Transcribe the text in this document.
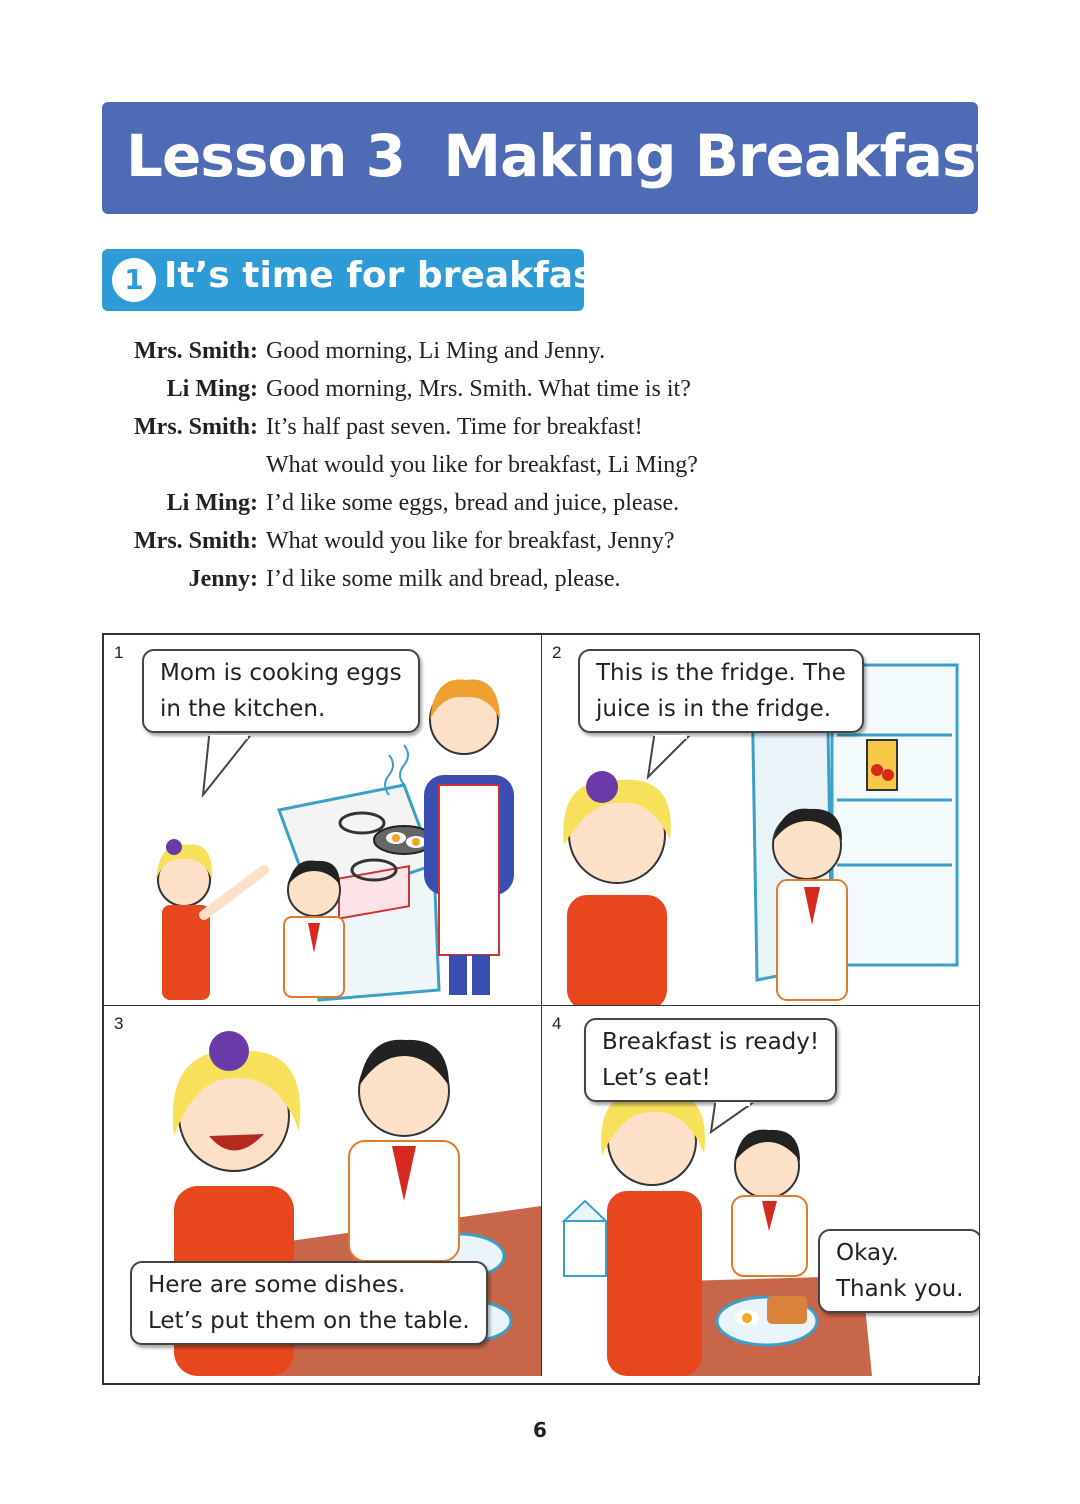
Lesson 3  Making Breakfast
1 It’s time for breakfast!
Mrs. Smith: Good morning, Li Ming and Jenny.
Li Ming: Good morning, Mrs. Smith. What time is it?
Mrs. Smith: It’s half past seven. Time for breakfast!
What would you like for breakfast, Li Ming?
Li Ming: I’d like some eggs, bread and juice, please.
Mrs. Smith: What would you like for breakfast, Jenny?
Jenny: I’d like some milk and bread, please.
1
Mom is cooking eggs
in the kitchen.
2
This is the fridge. The
juice is in the fridge.
3
Here are some dishes.
Let’s put them on the table.
4
Breakfast is ready!
Let’s eat!
Okay.
Thank you.
6
